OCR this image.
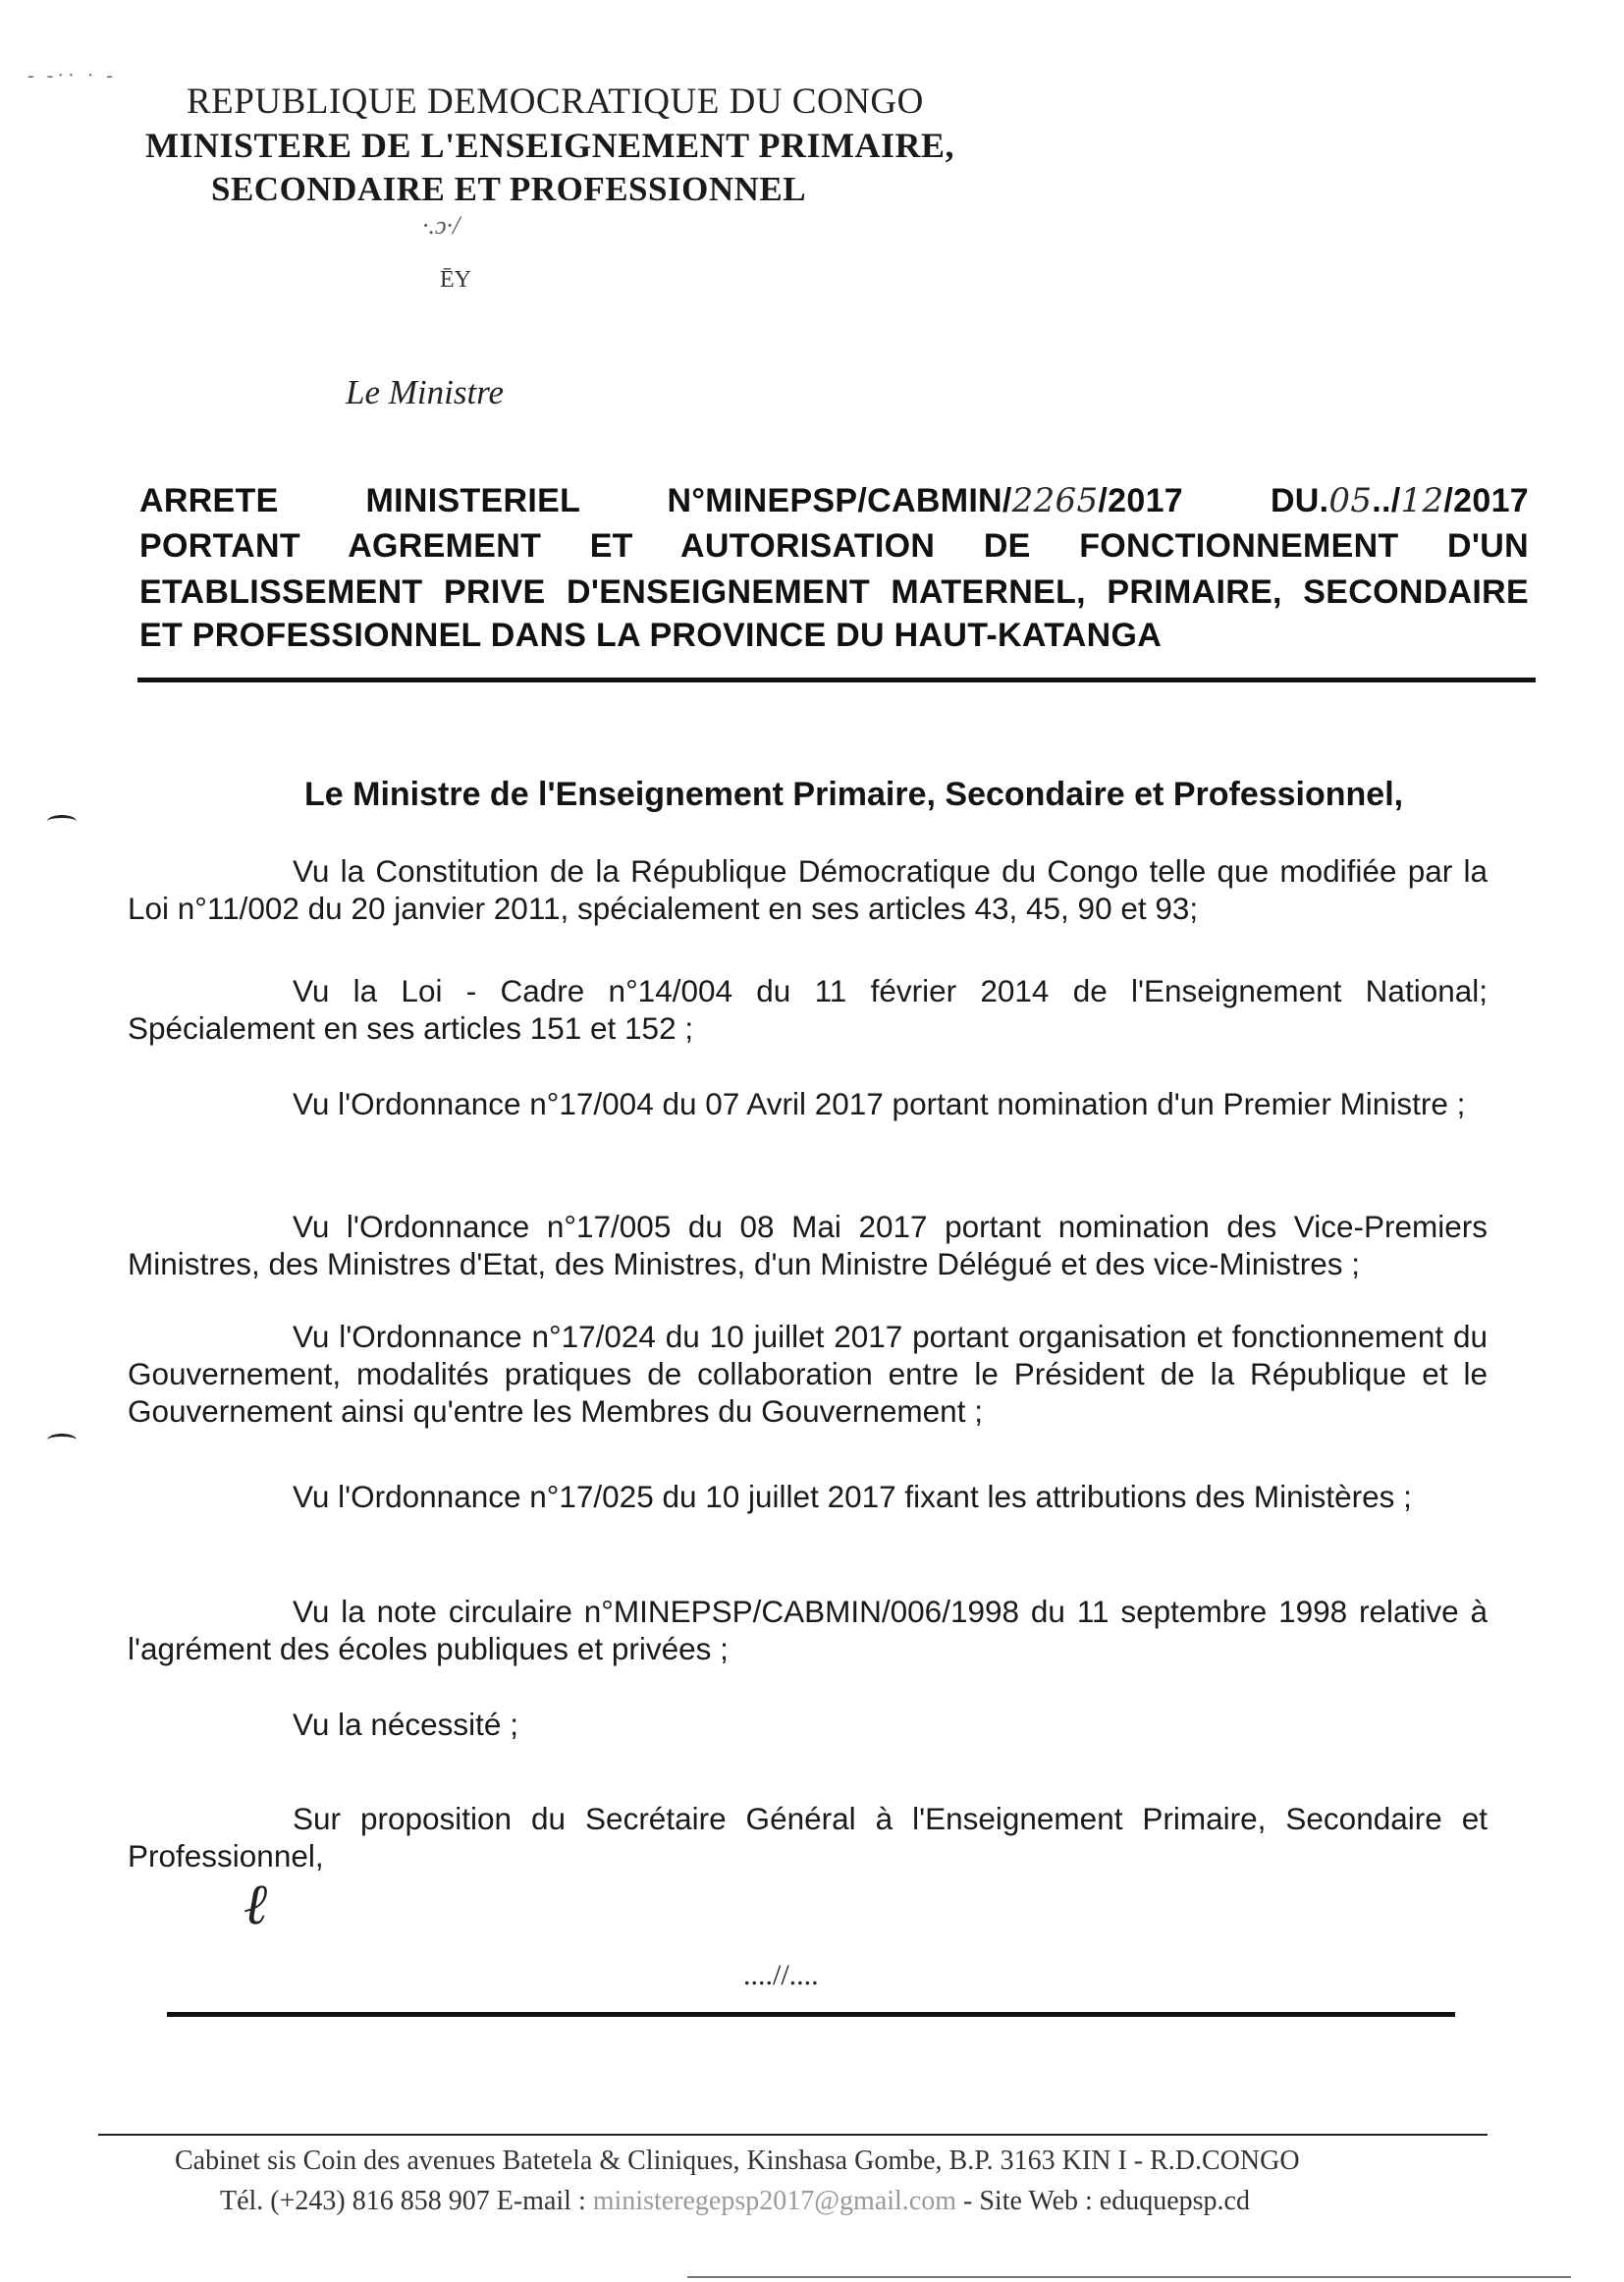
- -·· · -
REPUBLIQUE DEMOCRATIQUE DU CONGO
MINISTERE DE L'ENSEIGNEMENT PRIMAIRE,
SECONDAIRE ET PROFESSIONNEL
·.ɔ·/
ĒY
Le Ministre
ARRETE	MINISTERIEL	N°MINEPSP/CABMIN/2265/2017	DU.05../12/2017
PORTANT AGREMENT ET AUTORISATION DE FONCTIONNEMENT D'UN
ETABLISSEMENT PRIVE D'ENSEIGNEMENT MATERNEL, PRIMAIRE, SECONDAIRE
ET PROFESSIONNEL DANS LA PROVINCE DU HAUT-KATANGA
Le Ministre de l'Enseignement Primaire, Secondaire et Professionnel,
Vu la Constitution de la République Démocratique du Congo telle que modifiée par la Loi n°11/002 du 20 janvier 2011, spécialement en ses articles 43, 45, 90 et 93;
Vu la Loi - Cadre n°14/004 du 11 février 2014 de l'Enseignement National; Spécialement en ses articles 151 et 152 ;
Vu l'Ordonnance n°17/004 du 07 Avril 2017 portant nomination d'un Premier Ministre ;
Vu l'Ordonnance n°17/005 du 08 Mai 2017 portant nomination des Vice-Premiers Ministres, des Ministres d'Etat, des Ministres, d'un Ministre Délégué et des vice-Ministres ;
Vu l'Ordonnance n°17/024 du 10 juillet 2017 portant organisation et fonctionnement du Gouvernement, modalités pratiques de collaboration entre le Président de la République et le Gouvernement ainsi qu'entre les Membres du Gouvernement ;
Vu l'Ordonnance n°17/025 du 10 juillet 2017 fixant les attributions des Ministères ;
Vu la note circulaire n°MINEPSP/CABMIN/006/1998 du 11 septembre 1998 relative à l'agrément des écoles publiques et privées ;
Vu la nécessité ;
Sur proposition du Secrétaire Général à l'Enseignement Primaire, Secondaire et Professionnel,
ℓ
....//....
Cabinet sis Coin des avenues Batetela & Cliniques, Kinshasa Gombe, B.P. 3163 KIN I - R.D.CONGO
Tél. (+243) 816 858 907 E-mail : ministeregepsp2017@gmail.com - Site Web : eduquepsp.cd
